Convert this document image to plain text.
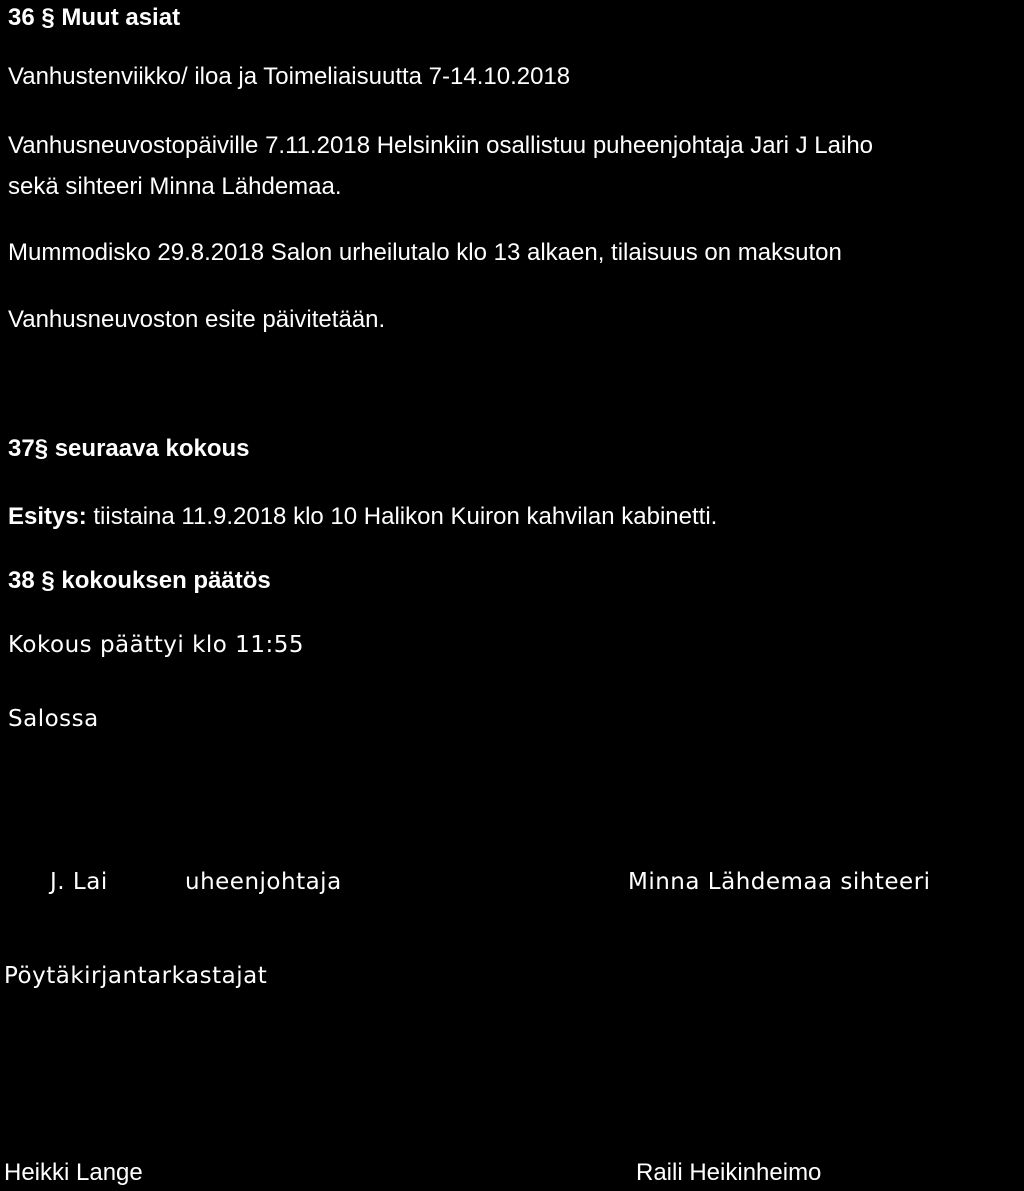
36 § Muut asiat
Vanhustenviikko/ iloa ja Toimeliaisuutta 7-14.10.2018
Vanhusneuvostopäiville 7.11.2018 Helsinkiin osallistuu puheenjohtaja Jari J Laiho
sekä sihteeri Minna Lähdemaa.
Mummodisko 29.8.2018 Salon urheilutalo klo 13 alkaen, tilaisuus on maksuton
Vanhusneuvoston esite päivitetään.
37§ seuraava kokous
Esitys: tiistaina 11.9.2018 klo 10 Halikon Kuiron kahvilan kabinetti.
38 § kokouksen päätös
Kokous päättyi klo 11:55
Salossa
J. Lai	uheenjohtaja	Minna Lähdemaa sihteeri
Pöytäkirjantarkastajat
Heikki Lange	Raili Heikinheimo
